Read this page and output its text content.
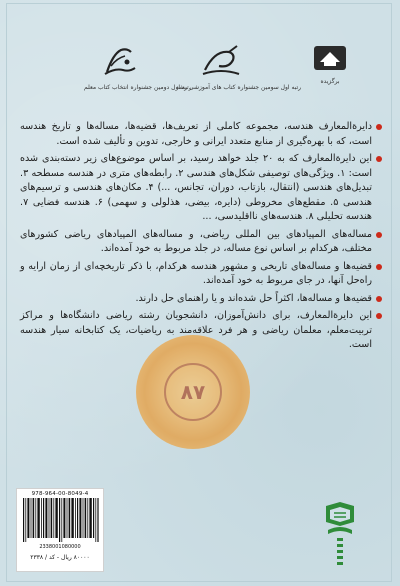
رتبه اول دومین جشنواره انتخاب کتاب معلم
رتبه اول سومین جشنواره کتاب های آموزشی رشد
برگزیده
۸۷

دایرة‌المعارف هندسه، مجموعه کاملی از تعریف‌ها، قضیه‌ها، مساله‌ها و تاریخ هندسه است، که با بهره‌گیری از منابع متعدد ایرانی و خارجی، تدوین و تألیف شده است.

این دایرة‌المعارف که به ۲۰ جلد خواهد رسید، بر اساس موضوع‌های زیر دسته‌بندی شده است: ۱. ویژگی‌های توصیفی شکل‌های هندسی ۲. رابطه‌های متری در هندسه مسطحه ۳. تبدیل‌های هندسی (انتقال، بازتاب، دوران، تجانس، ...) ۴. مکان‌های هندسی و ترسیم‌های هندسی ۵. مقطع‌های مخروطی (دایره، بیضی، هذلولی و سهمی) ۶. هندسه فضایی ۷. هندسه تحلیلی ۸. هندسه‌های نااقلیدسی، ...

مساله‌های المپیادهای بین المللی ریاضی، و مساله‌های المپیادهای ریاضی کشورهای مختلف، هرکدام بر اساس نوع مساله، در جلد مربوط به خود آمده‌اند.

قضیه‌ها و مساله‌های تاریخی و مشهور هندسه هرکدام، با ذکر تاریخچه‌ای از زمان ارایه و راه‌حل آنها، در جای مربوط به خود آمده‌اند.

قضیه‌ها و مساله‌ها، اکثراً حل شده‌اند و یا راهنمای حل دارند.

این دایرة‌المعارف، برای دانش‌آموزان، دانشجویان رشته ریاضی دانشگاه‌ها و مراکز تربیت‌معلم، معلمان ریاضی و هر فرد علاقه‌مند به ریاضیات، یک کتابخانه سیار هندسه است.

978-964-00-8049-4
2338001080000
۸۰۰۰۰ ریال - کد / ۲۳۳۸
